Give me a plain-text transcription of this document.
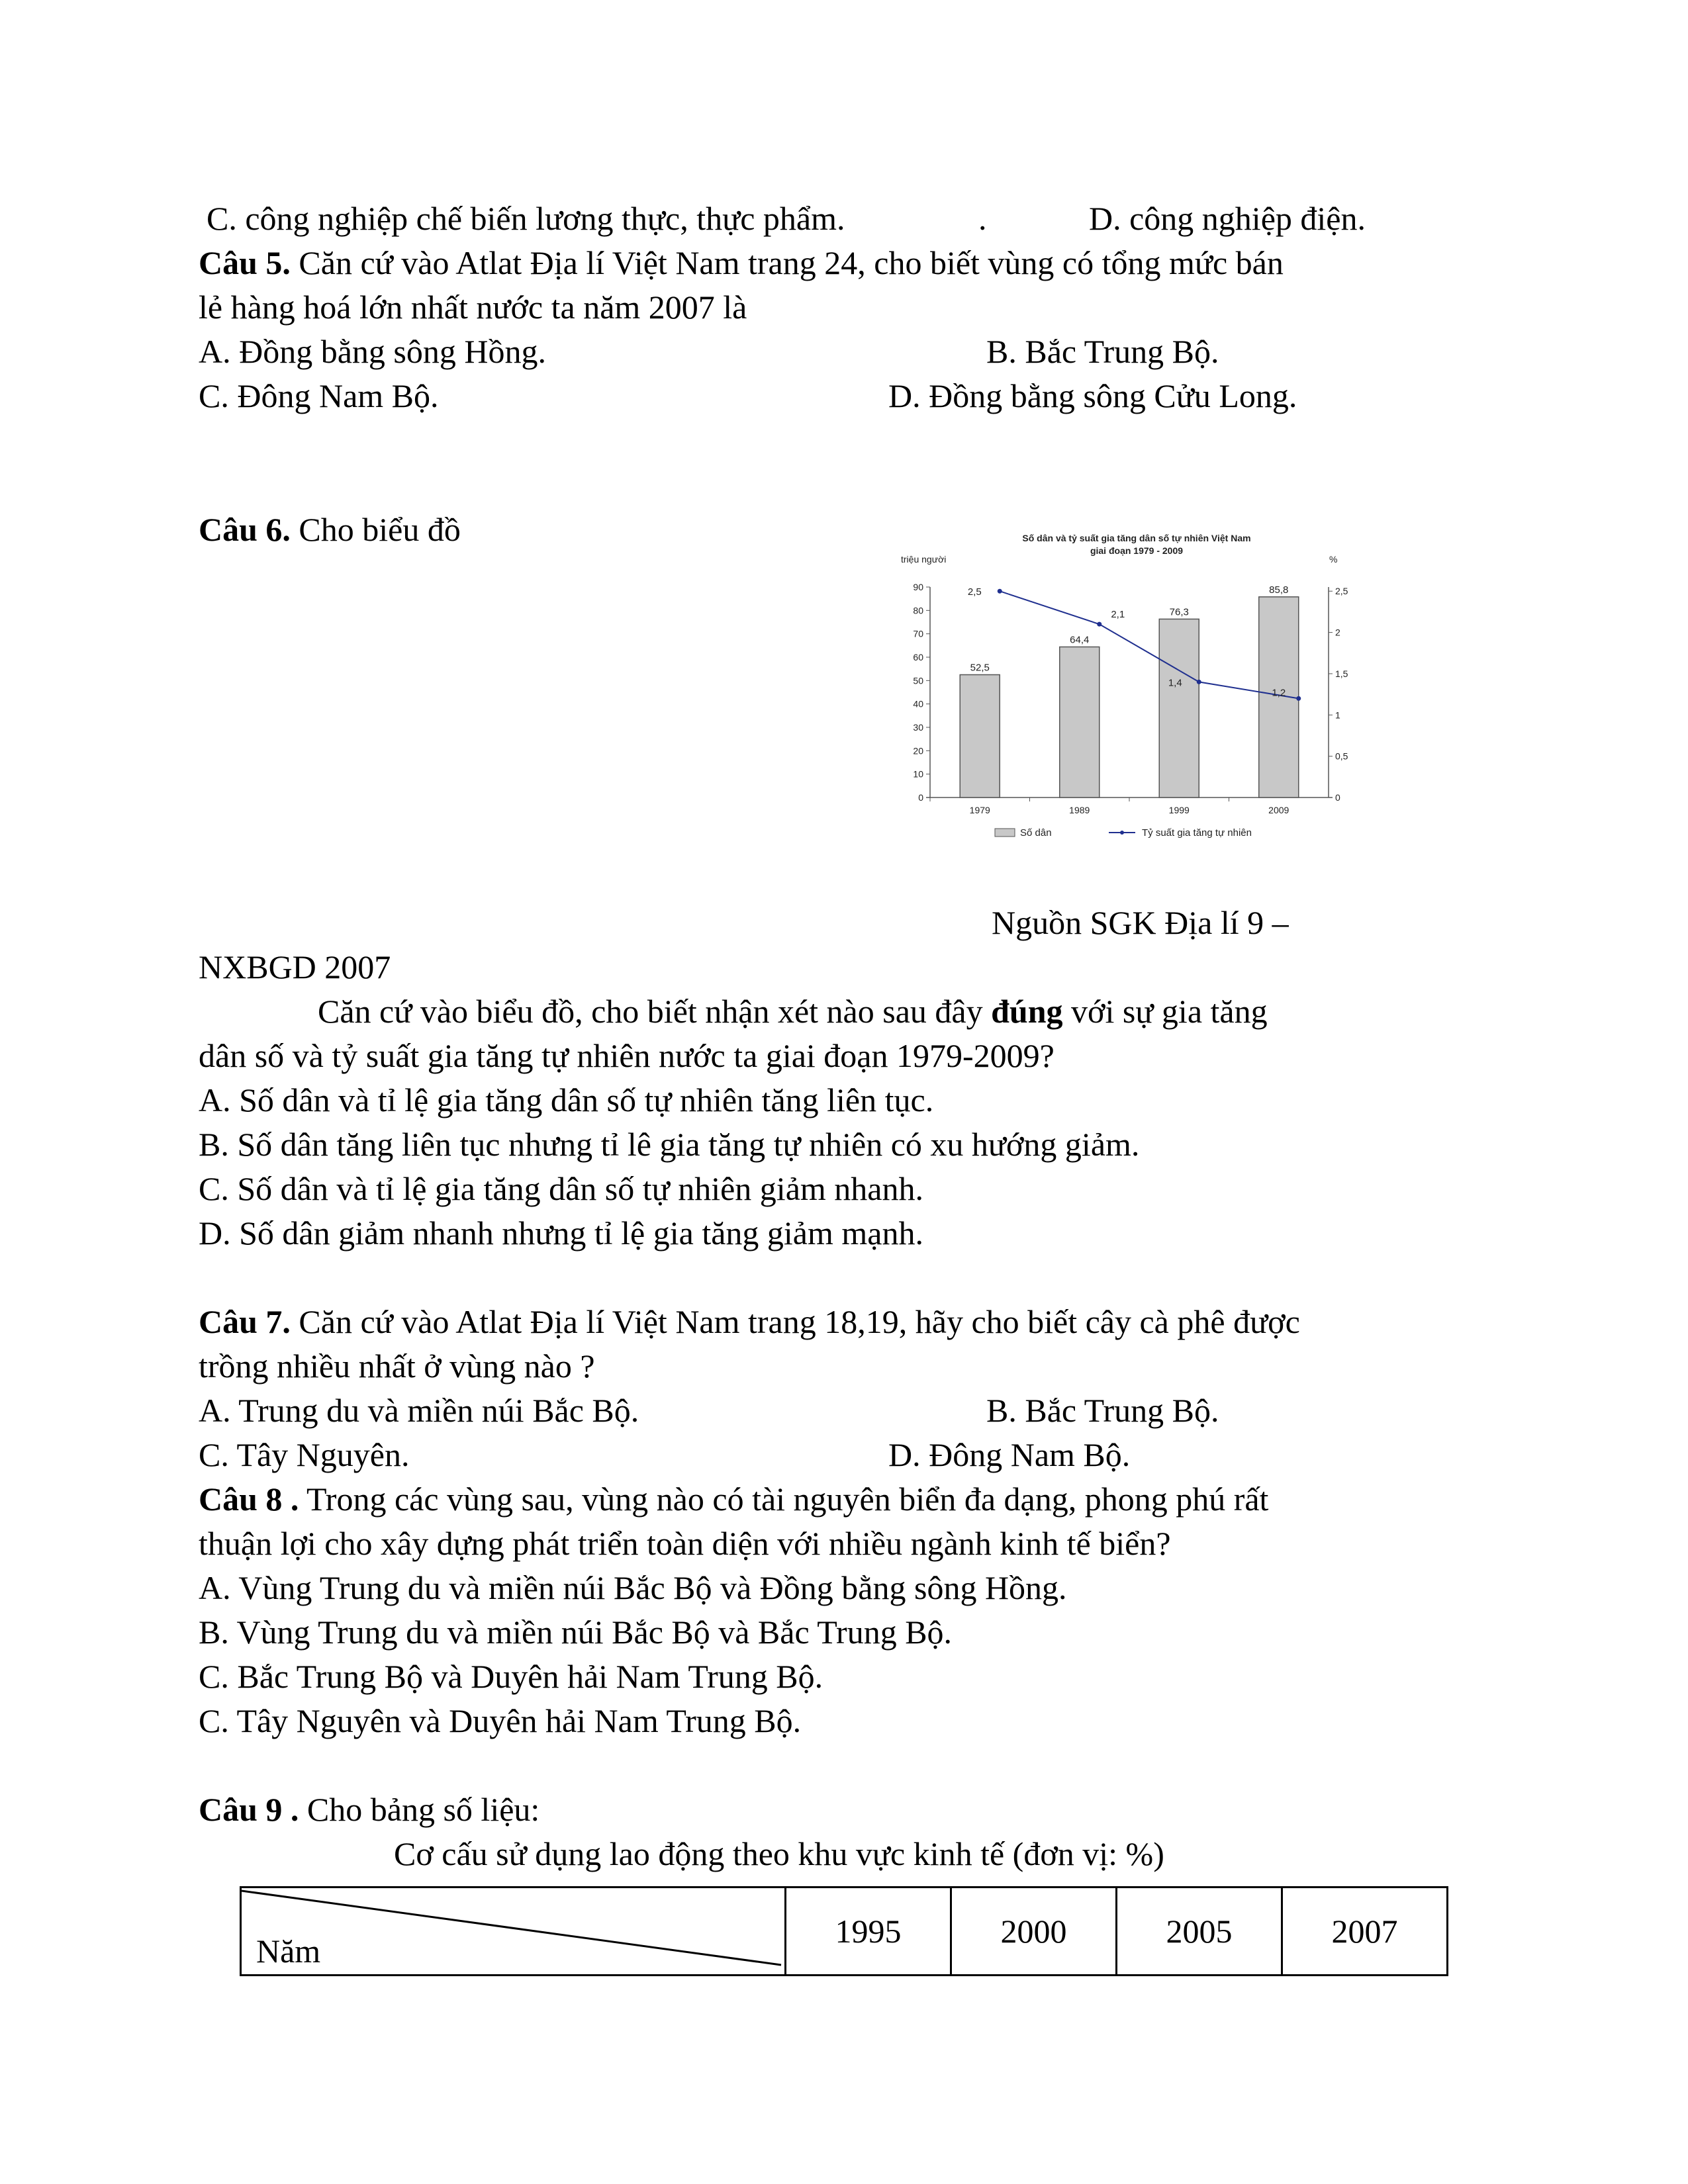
C. công nghiệp chế biến lương thực, thực phẩm.	.	D. công nghiệp điện.
Câu 5. Căn cứ vào Atlat Địa lí Việt Nam trang 24, cho biết vùng có tổng mức bán
lẻ hàng hoá lớn nhất nước ta năm 2007 là
A. Đồng bằng sông Hồng.	B. Bắc Trung Bộ.
C. Đông Nam Bộ.	D. Đồng bằng sông Cửu Long.
Câu 6. Cho biểu đồ	Số dân và tỷ suất gia tăng dân số tự nhiên Việt Nam
giai đoạn 1979 - 2009
triệu người	%
0
10
20
30
40
50
60
70
80
90
0
0,5
1
1,5
2
2,5
1979
52,5
1989
64,4
1999
76,3
2009
85,8
2,5
2,1
1,4
1,2
Số dân	Tỷ suất gia tăng tự nhiên
Nguồn SGK Địa lí 9 –
NXBGD 2007
Căn cứ vào biểu đồ, cho biết nhận xét nào sau đây đúng với sự gia tăng
dân số và tỷ suất gia tăng tự nhiên nước ta giai đoạn 1979-2009?
A. Số dân và tỉ lệ gia tăng dân số tự nhiên tăng liên tục.
B. Số dân tăng liên tục nhưng tỉ lê gia tăng tự nhiên có xu hướng giảm.
C. Số dân và tỉ lệ gia tăng dân số tự nhiên giảm nhanh.
D. Số dân giảm nhanh nhưng tỉ lệ gia tăng giảm mạnh.
Câu 7. Căn cứ vào Atlat Địa lí Việt Nam trang 18,19, hãy cho biết cây cà phê được
trồng nhiều nhất ở vùng nào ?
A. Trung du và miền núi Bắc Bộ.	B. Bắc Trung Bộ.
C. Tây Nguyên.	D. Đông Nam Bộ.
Câu 8 . Trong các vùng sau, vùng nào có tài nguyên biển đa dạng, phong phú rất
thuận lợi cho xây dựng phát triển toàn diện với nhiều ngành kinh tế biển?
A. Vùng Trung du và miền núi Bắc Bộ và Đồng bằng sông Hồng.
B. Vùng Trung du và miền núi Bắc Bộ và Bắc Trung Bộ.
C. Bắc Trung Bộ và Duyên hải Nam Trung Bộ.
C. Tây Nguyên và Duyên hải Nam Trung Bộ.
Câu 9 . Cho bảng số liệu:
Cơ cấu sử dụng lao động theo khu vực kinh tế (đơn vị: %)
Năm
	1995	2000	2005	2007
